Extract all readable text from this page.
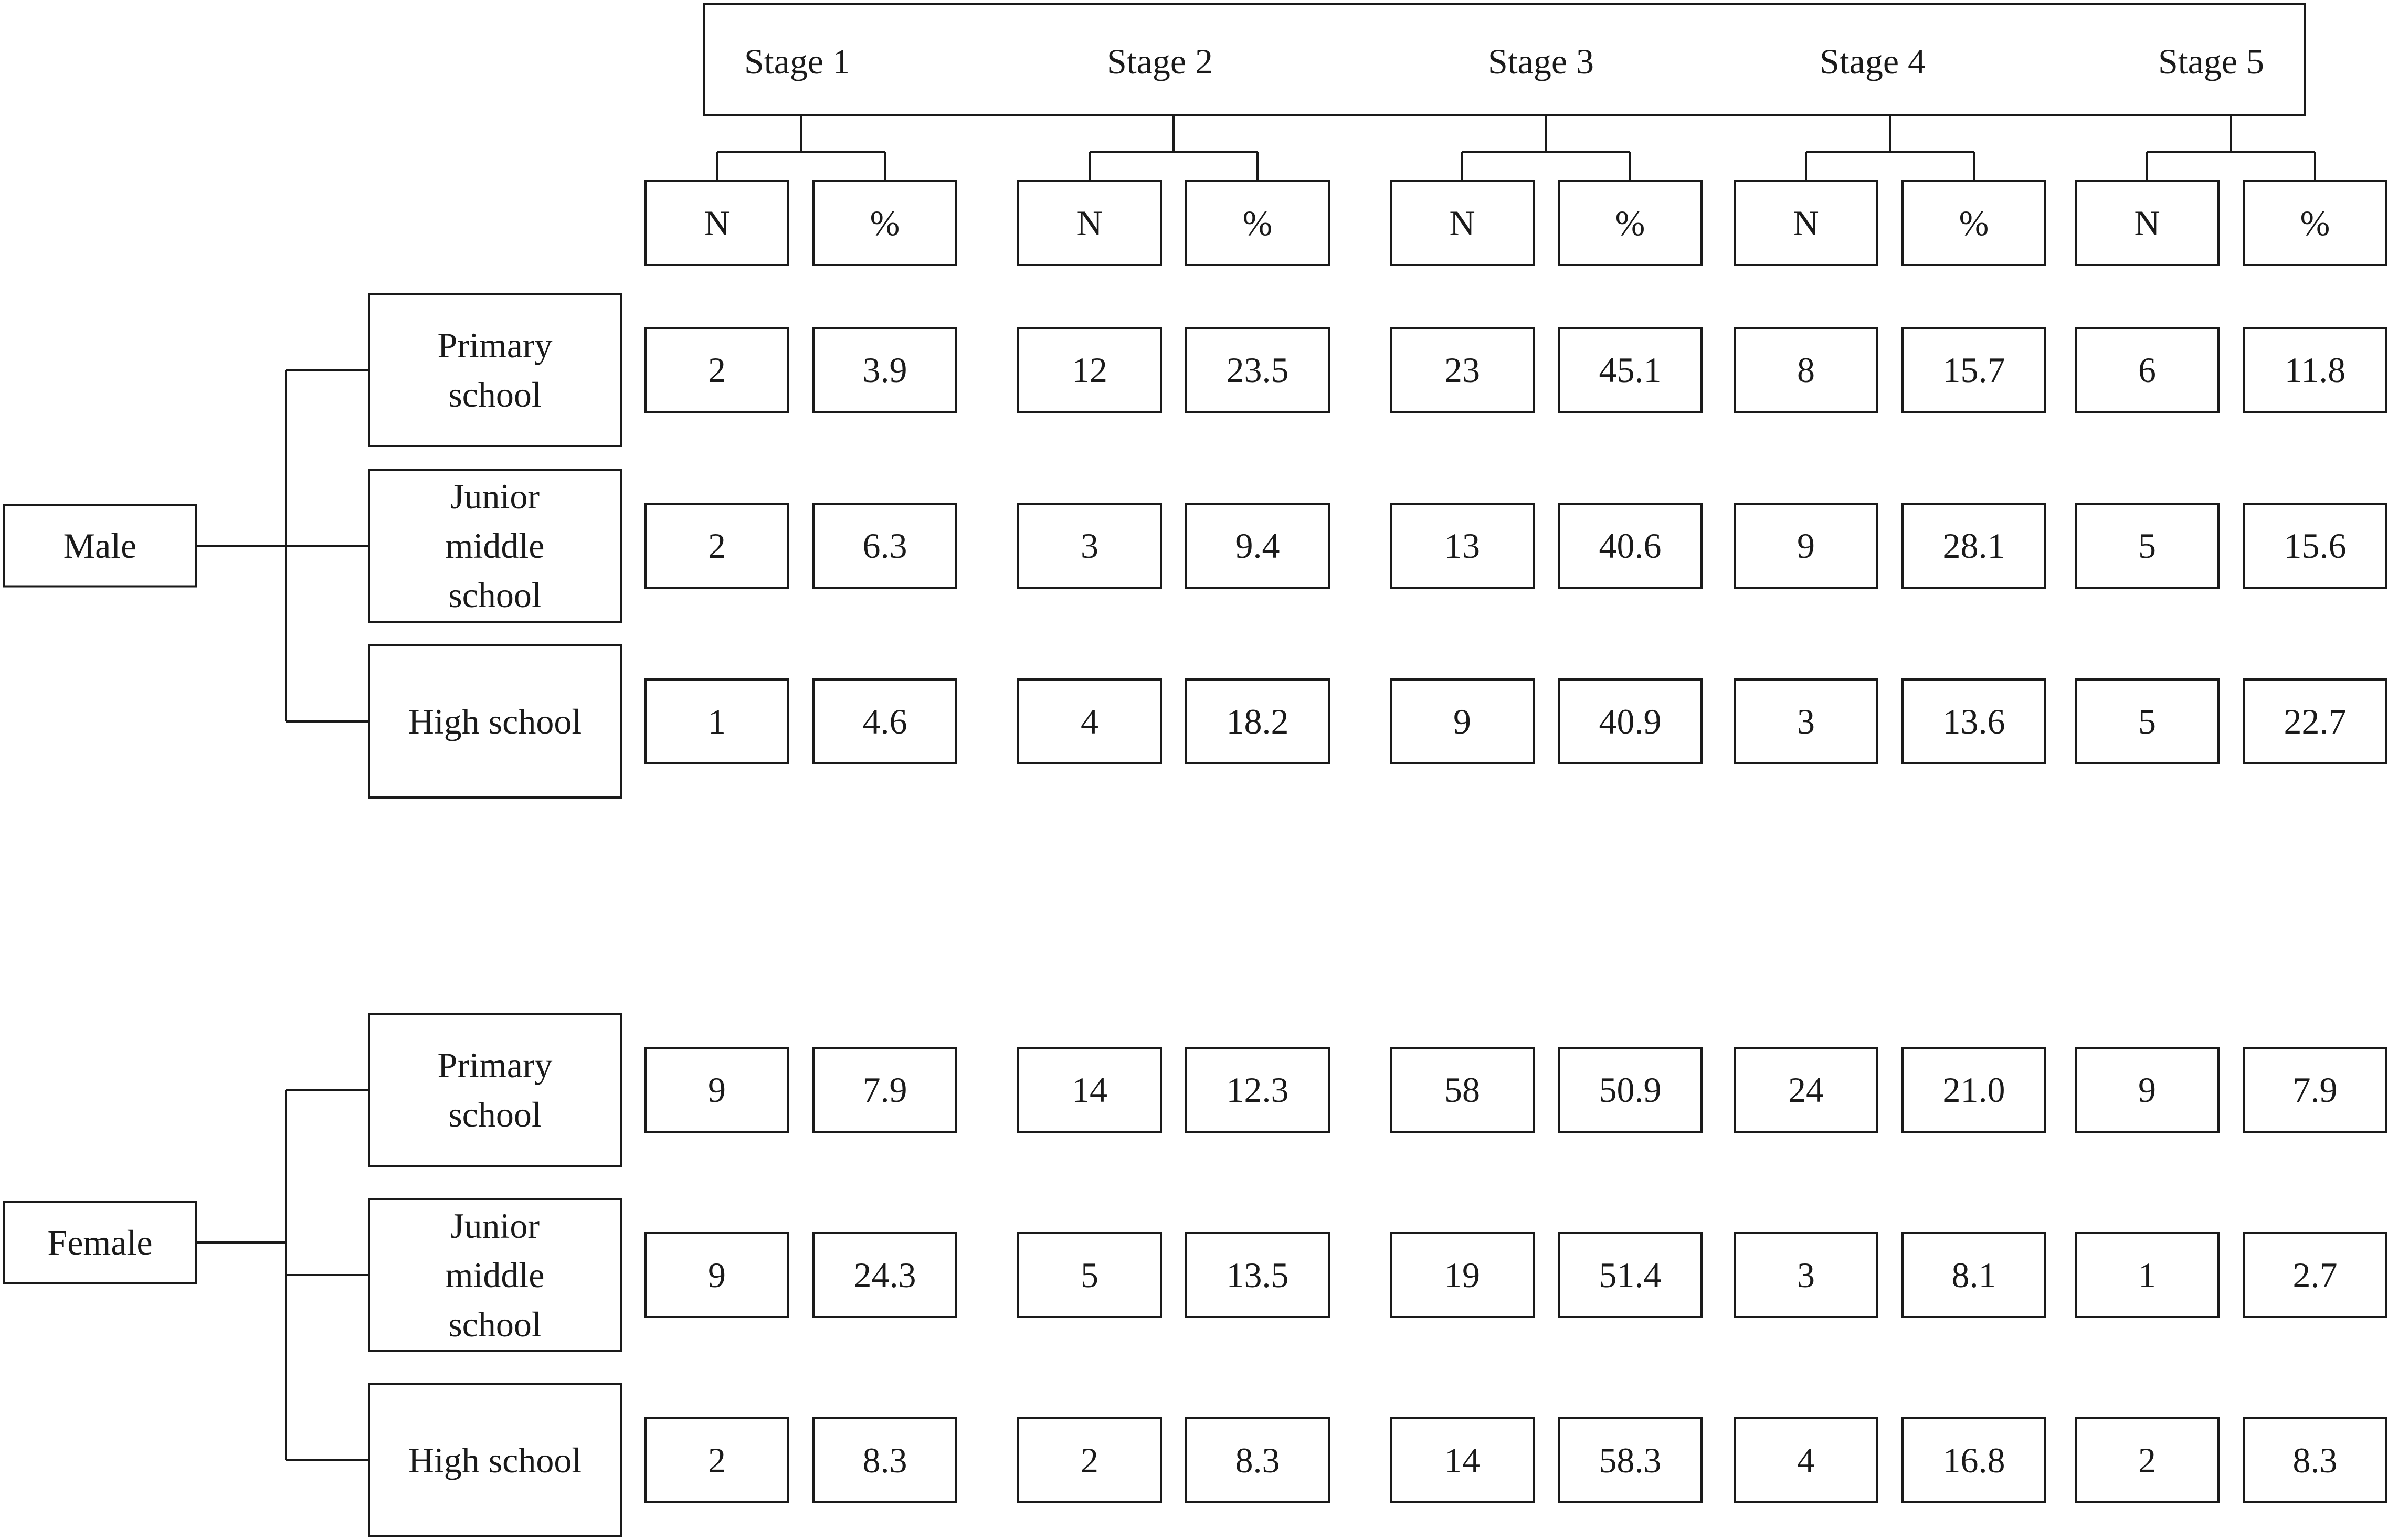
Stage 1	Stage 2	Stage 3	Stage 4	Stage 5
N	%	N	%	N	%	N	%	N	%
Male
Primary
school
2	3.9	12	23.5	23	45.1	8	15.7	6	11.8
Junior
middle
school
2	6.3	3	9.4	13	40.6	9	28.1	5	15.6
High school	1	4.6	4	18.2	9	40.9	3	13.6	5	22.7
Female
Primary
school
9	7.9	14	12.3	58	50.9	24	21.0	9	7.9
Junior
middle
school
9	24.3	5	13.5	19	51.4	3	8.1	1	2.7
High school	2	8.3	2	8.3	14	58.3	4	16.8	2	8.3
